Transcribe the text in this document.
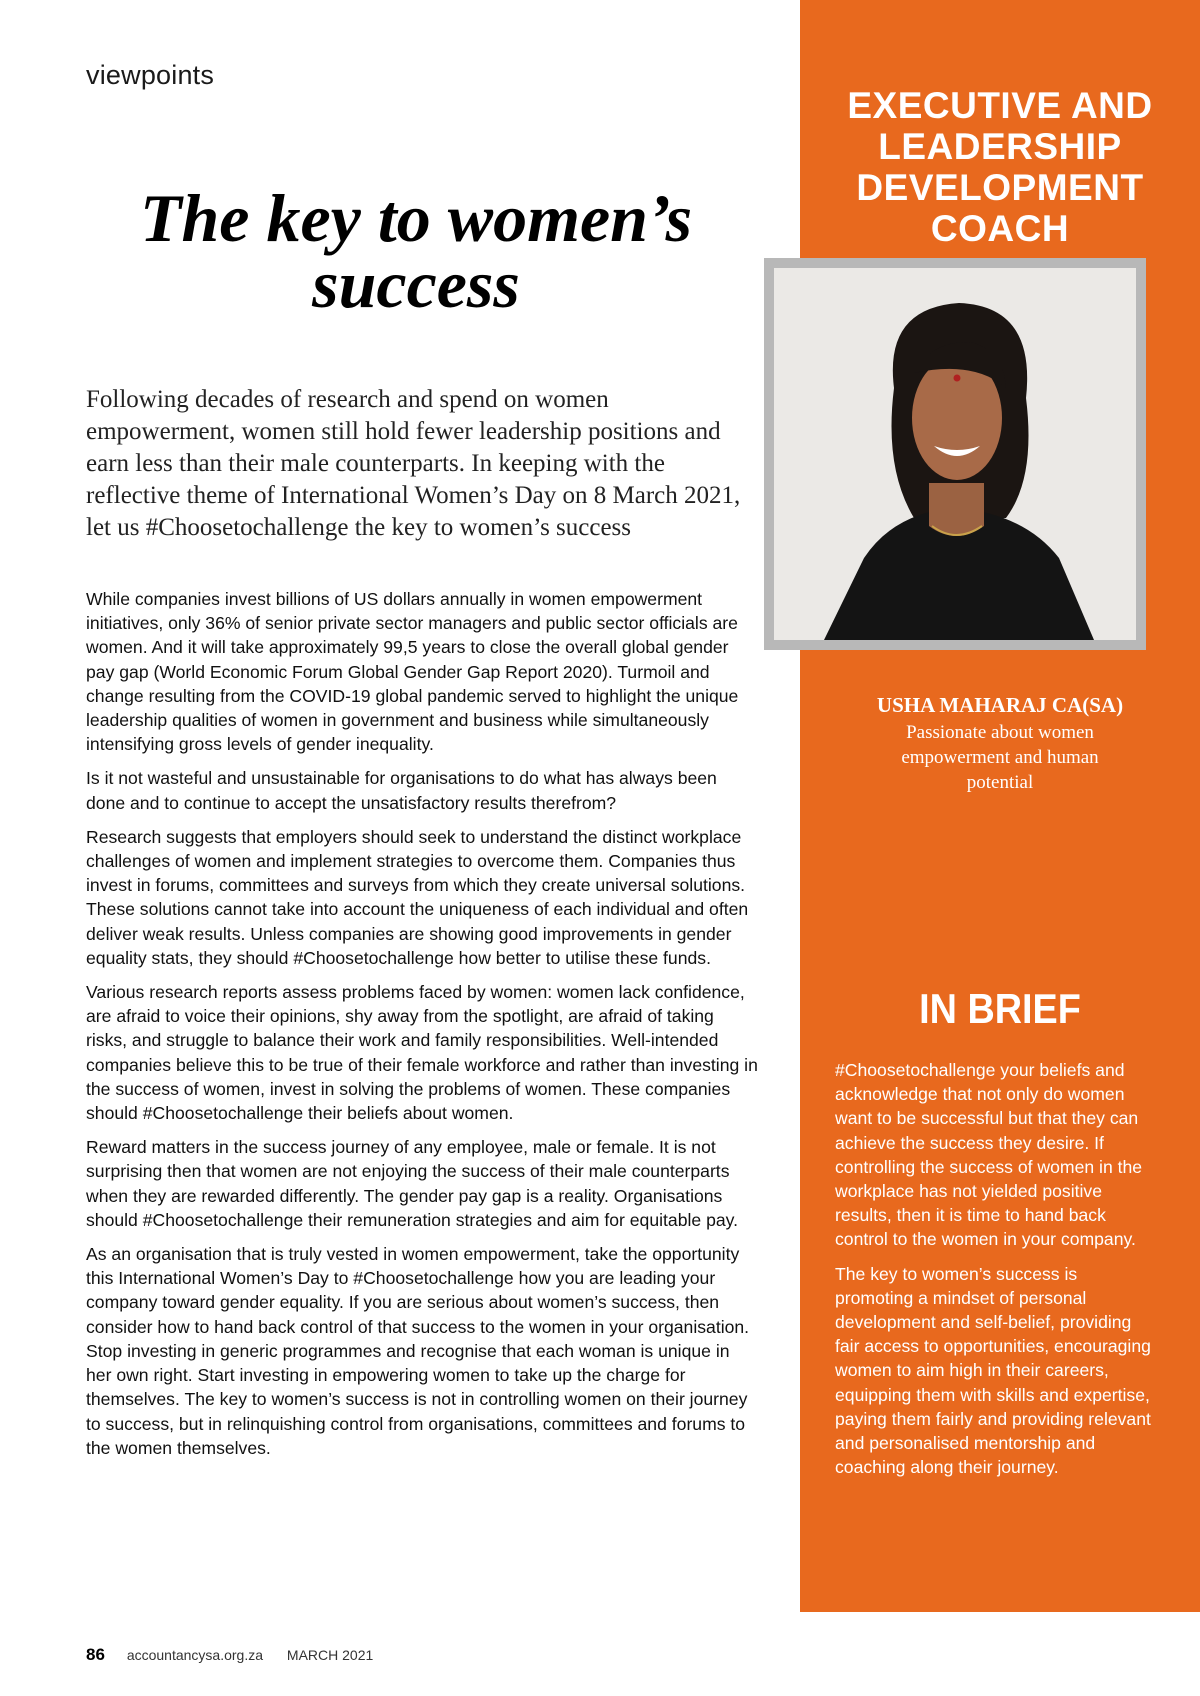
viewpoints
The key to women’s success
Following decades of research and spend on women empowerment, women still hold fewer leadership positions and earn less than their male counterparts. In keeping with the reflective theme of International Women’s Day on 8 March 2021, let us #Choosetochallenge the key to women’s success

While companies invest billions of US dollars annually in women empowerment initiatives, only 36% of senior private sector managers and public sector officials are women. And it will take approximately 99,5 years to close the overall global gender pay gap (World Economic Forum Global Gender Gap Report 2020). Turmoil and change resulting from the COVID-19 global pandemic served to highlight the unique leadership qualities of women in government and business while simultaneously intensifying gross levels of gender inequality.

Is it not wasteful and unsustainable for organisations to do what has always been done and to continue to accept the unsatisfactory results therefrom?

Research suggests that employers should seek to understand the distinct workplace challenges of women and implement strategies to overcome them. Companies thus invest in forums, committees and surveys from which they create universal solutions. These solutions cannot take into account the uniqueness of each individual and often deliver weak results. Unless companies are showing good improvements in gender equality stats, they should #Choosetochallenge how better to utilise these funds.

Various research reports assess problems faced by women: women lack confidence, are afraid to voice their opinions, shy away from the spotlight, are afraid of taking risks, and struggle to balance their work and family responsibilities. Well-intended companies believe this to be true of their female workforce and rather than investing in the success of women, invest in solving the problems of women. These companies should #Choosetochallenge their beliefs about women.

Reward matters in the success journey of any employee, male or female. It is not surprising then that women are not enjoying the success of their male counterparts when they are rewarded differently. The gender pay gap is a reality. Organisations should #Choosetochallenge their remuneration strategies and aim for equitable pay.

As an organisation that is truly vested in women empowerment, take the opportunity this International Women’s Day to #Choosetochallenge how you are leading your company toward gender equality. If you are serious about women’s success, then consider how to hand back control of that success to the women in your organisation. Stop investing in generic programmes and recognise that each woman is unique in her own right. Start investing in empowering women to take up the charge for themselves. The key to women’s success is not in controlling women on their journey to success, but in relinquishing control from organisations, committees and forums to the women themselves.

86 accountancysa.org.za MARCH 2021
EXECUTIVE AND LEADERSHIP DEVELOPMENT COACH
USHA MAHARAJ CA(SA)
Passionate about women empowerment and human potential
IN BRIEF

#Choosetochallenge your beliefs and acknowledge that not only do women want to be successful but that they can achieve the success they desire. If controlling the success of women in the workplace has not yielded positive results, then it is time to hand back control to the women in your company.

The key to women’s success is promoting a mindset of personal development and self-belief, providing fair access to opportunities, encouraging women to aim high in their careers, equipping them with skills and expertise, paying them fairly and providing relevant and personalised mentorship and coaching along their journey.
